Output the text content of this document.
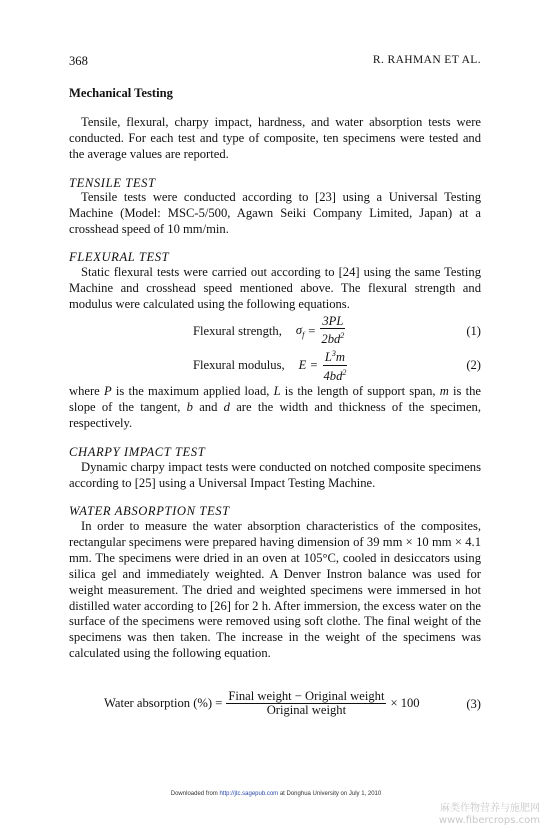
368	R. RAHMAN ET AL.
Mechanical Testing

Tensile, flexural, charpy impact, hardness, and water absorption tests were conducted. For each test and type of composite, ten specimens were tested and the average values are reported.

TENSILE TEST

Tensile tests were conducted according to [23] using a Universal Testing Machine (Model: MSC-5/500, Agawn Seiki Company Limited, Japan) at a crosshead speed of 10 mm/min.

FLEXURAL TEST

Static flexural tests were carried out according to [24] using the same Testing Machine and crosshead speed mentioned above. The flexural strength and modulus were calculated using the following equations.

Flexural strength, $\sigma_f = \frac{3PL}{2bd^2}$	(1)
Flexural modulus, $E = \frac{L^3m}{4bd^2}$	(2)

where P is the maximum applied load, L is the length of support span, m is the slope of the tangent, b and d are the width and thickness of the specimen, respectively.

CHARPY IMPACT TEST

Dynamic charpy impact tests were conducted on notched composite specimens according to [25] using a Universal Impact Testing Machine.

WATER ABSORPTION TEST

In order to measure the water absorption characteristics of the composites, rectangular specimens were prepared having dimension of 39 mm × 10 mm × 4.1 mm. The specimens were dried in an oven at 105°C, cooled in desiccators using silica gel and immediately weighted. A Denver Instron balance was used for weight measurement. The dried and weighted specimens were immersed in hot distilled water according to [26] for 2 h. After immersion, the excess water on the surface of the specimens were removed using soft clothe. The final weight of the specimens was then taken. The increase in the weight of the specimens was calculated using the following equation.

Water absorption (%) = $\frac{\text{Final weight − Original weight}}{\text{Original weight}} \times 100$	(3)
Downloaded from http://jtc.sagepub.com at Donghua University on July 1, 2010
麻类作物营养与施肥网
www.fibercrops.com
